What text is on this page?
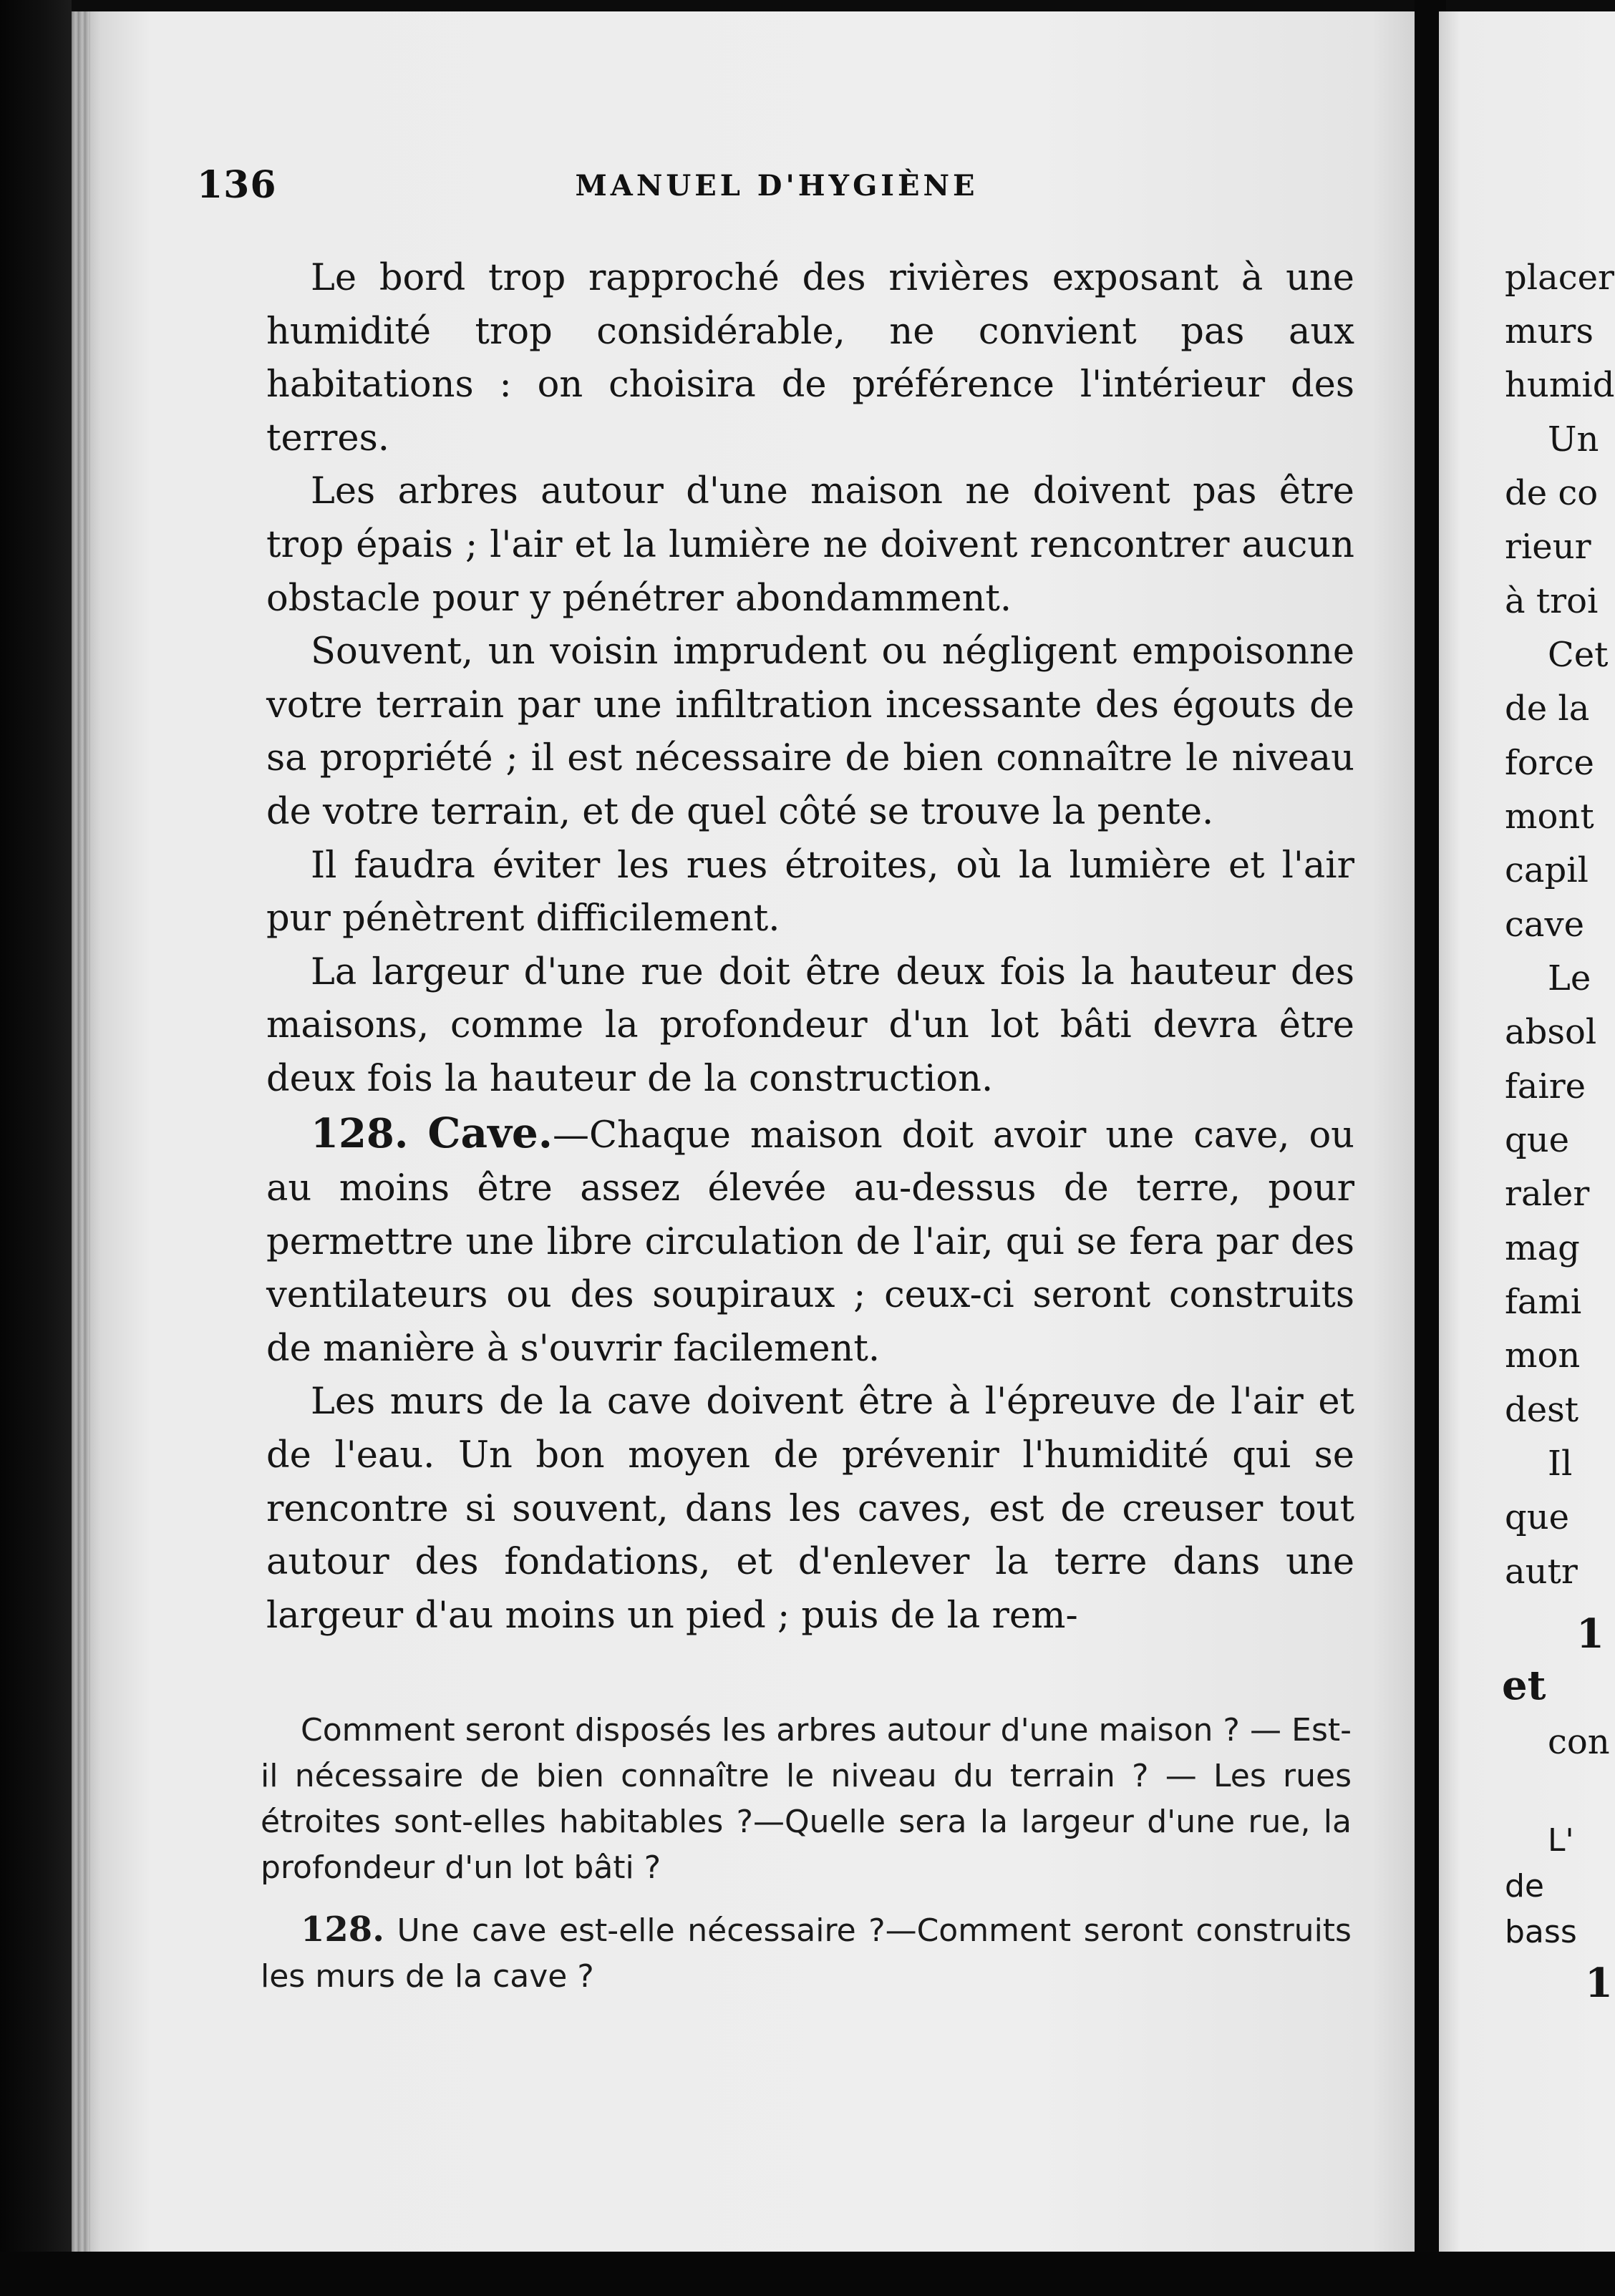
136	MANUEL D'HYGIÈNE

Le bord trop rapproché des rivières exposant à une humidité trop considérable, ne convient pas aux habitations : on choisira de préférence l'intérieur des terres.

Les arbres autour d'une maison ne doivent pas être trop épais ; l'air et la lumière ne doivent rencontrer aucun obstacle pour y pénétrer abondamment.

Souvent, un voisin imprudent ou négligent empoisonne votre terrain par une infiltration incessante des égouts de sa propriété ; il est nécessaire de bien connaître le niveau de votre terrain, et de quel côté se trouve la pente.

Il faudra éviter les rues étroites, où la lumière et l'air pur pénètrent difficilement.

La largeur d'une rue doit être deux fois la hauteur des maisons, comme la profondeur d'un lot bâti devra être deux fois la hauteur de la construction.

128. Cave.—Chaque maison doit avoir une cave, ou au moins être assez élevée au-dessus de terre, pour permettre une libre circulation de l'air, qui se fera par des ventilateurs ou des soupiraux ; ceux-ci seront construits de manière à s'ouvrir facilement.

Les murs de la cave doivent être à l'épreuve de l'air et de l'eau. Un bon moyen de prévenir l'humidité qui se rencontre si souvent, dans les caves, est de creuser tout autour des fondations, et d'enlever la terre dans une largeur d'au moins un pied ; puis de la rem-

Comment seront disposés les arbres autour d'une maison ? — Est-il nécessaire de bien connaître le niveau du terrain ? — Les rues étroites sont-elles habitables ?—Quelle sera la largeur d'une rue, la profondeur d'un lot bâti ?

128. Une cave est-elle nécessaire ?—Comment seront construits les murs de la cave ?

placer
murs
humid
Un
de co
rieur
à troi
Cet
de la
force
mont
capil
cave
Le
absol
faire
que
raler
mag
fami
mon
dest
Il
que
autr
1
et
con
L'
de
bass
1
